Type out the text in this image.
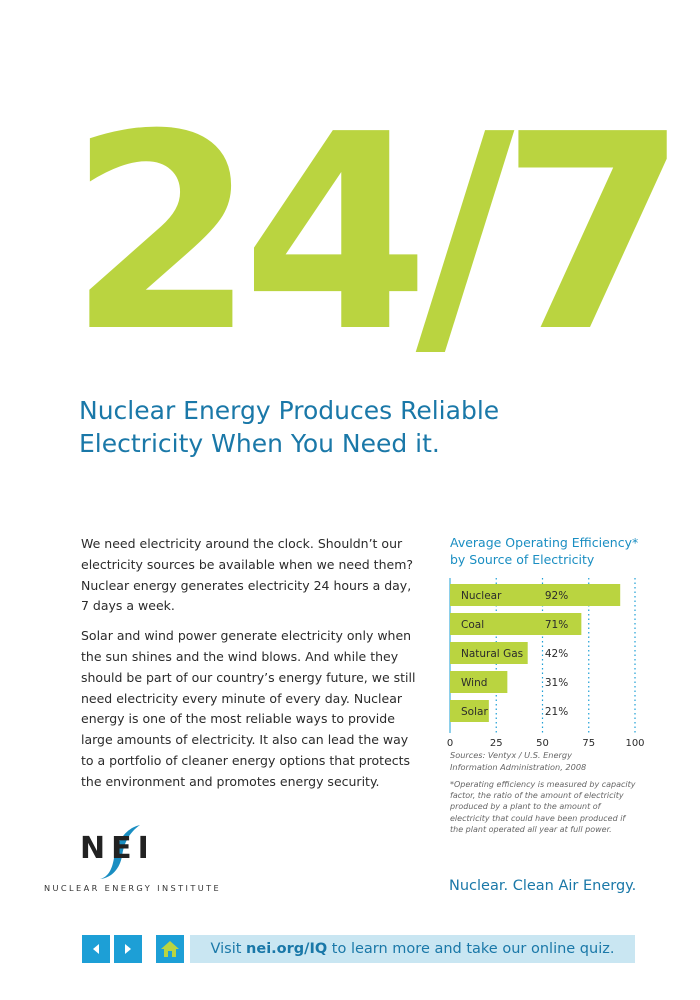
24/7
Nuclear Energy Produces Reliable
Electricity When You Need it.

We need electricity around the clock. Shouldn’t our electricity sources be available when we need them? Nuclear energy generates electricity 24 hours a day, 7 days a week.

Solar and wind power generate electricity only when the sun shines and the wind blows. And while they should be part of our country’s energy future, we still need electricity every minute of every day. Nuclear energy is one of the most reliable ways to provide large amounts of electricity. It also can lead the way to a portfolio of cleaner energy options that protects the environment and promotes energy security.

Average Operating Efficiency*
by Source of Electricity
Nuclear	92%
Coal	71%
Natural Gas 42%
Wind	31%
Solar	21%
0	25	50	75	100
Sources: Ventyx / U.S. Energy
Information Administration, 2008
*Operating efficiency is measured by capacity factor, the ratio of the amount of electricity produced by a plant to the amount of electricity that could have been produced if the plant operated all year at full power.
NEI
NUCLEAR ENERGY INSTITUTE	Nuclear. Clean Air Energy.
Visit
nei.org/IQ
to learn more and take our online quiz.
